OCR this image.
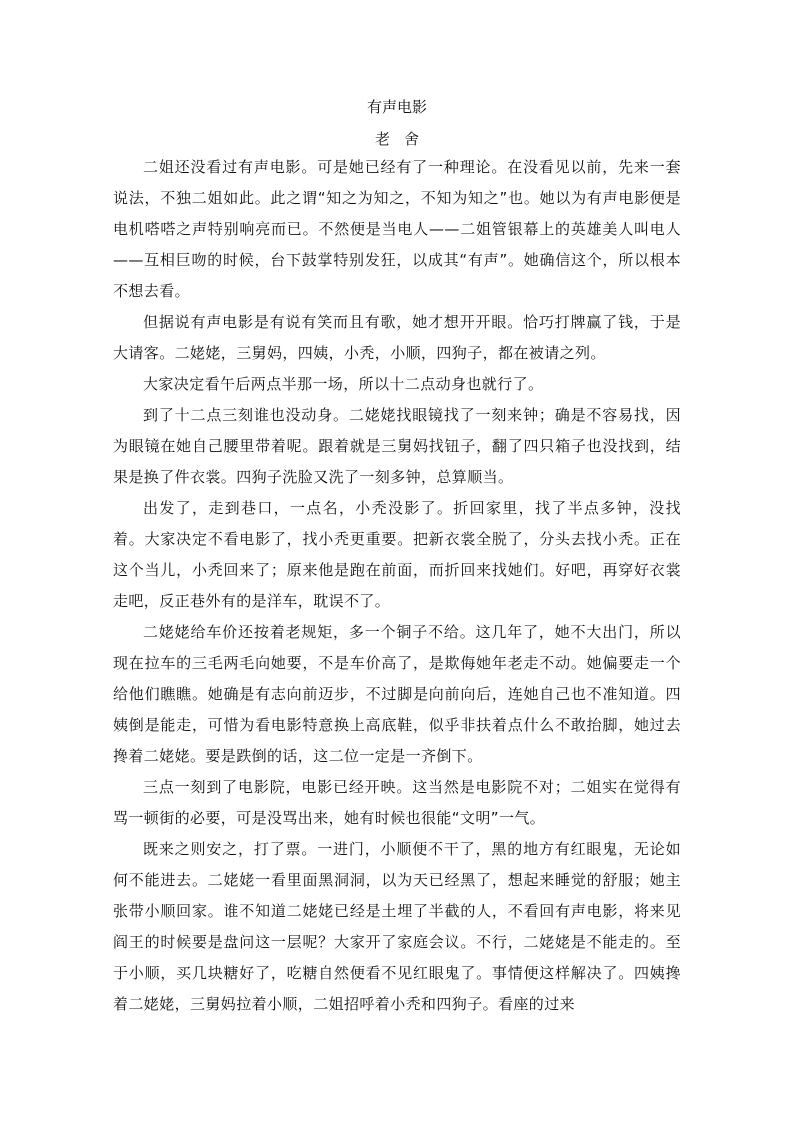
有声电影
老舍

二姐还没看过有声电影。可是她已经有了一种理论。在没看见以前，先来一套说法，不独二姐如此。此之谓“知之为知之，不知为知之”也。她以为有声电影便是电机嗒嗒之声特别响亮而已。不然便是当电人——二姐管银幕上的英雄美人叫电人——互相巨吻的时候，台下鼓掌特别发狂，以成其“有声”。她确信这个，所以根本不想去看。

但据说有声电影是有说有笑而且有歌，她才想开开眼。恰巧打牌赢了钱，于是大请客。二姥姥，三舅妈，四姨，小秃，小顺，四狗子，都在被请之列。

大家决定看午后两点半那一场，所以十二点动身也就行了。

到了十二点三刻谁也没动身。二姥姥找眼镜找了一刻来钟；确是不容易找，因为眼镜在她自己腰里带着呢。跟着就是三舅妈找钮子，翻了四只箱子也没找到，结果是换了件衣裳。四狗子洗脸又洗了一刻多钟，总算顺当。

出发了，走到巷口，一点名，小秃没影了。折回家里，找了半点多钟，没找着。大家决定不看电影了，找小秃更重要。把新衣裳全脱了，分头去找小秃。正在这个当儿，小秃回来了；原来他是跑在前面，而折回来找她们。好吧，再穿好衣裳走吧，反正巷外有的是洋车，耽误不了。

二姥姥给车价还按着老规矩，多一个铜子不给。这几年了，她不大出门，所以现在拉车的三毛两毛向她要，不是车价高了，是欺侮她年老走不动。她偏要走一个给他们瞧瞧。她确是有志向前迈步，不过脚是向前向后，连她自己也不准知道。四姨倒是能走，可惜为看电影特意换上高底鞋，似乎非扶着点什么不敢抬脚，她过去搀着二姥姥。要是跌倒的话，这二位一定是一齐倒下。

三点一刻到了电影院，电影已经开映。这当然是电影院不对；二姐实在觉得有骂一顿街的必要，可是没骂出来，她有时候也很能“文明”一气。

既来之则安之，打了票。一进门，小顺便不干了，黑的地方有红眼鬼，无论如何不能进去。二姥姥一看里面黑洞洞，以为天已经黑了，想起来睡觉的舒服；她主张带小顺回家。谁不知道二姥姥已经是土埋了半截的人，不看回有声电影，将来见阎王的时候要是盘问这一层呢？大家开了家庭会议。不行，二姥姥是不能走的。至于小顺，买几块糖好了，吃糖自然便看不见红眼鬼了。事情便这样解决了。四姨搀着二姥姥，三舅妈拉着小顺，二姐招呼着小秃和四狗子。看座的过来
